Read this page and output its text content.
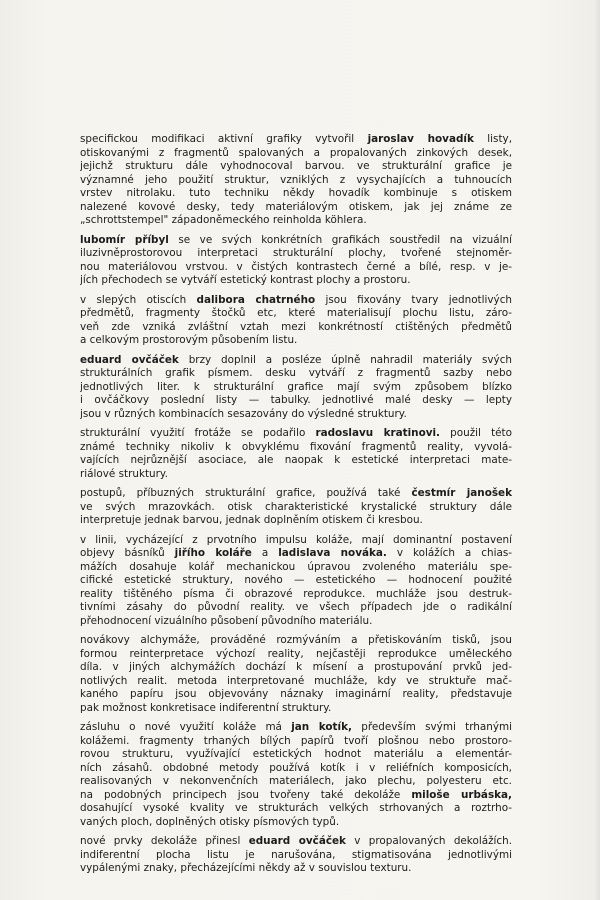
specifickou modifikaci aktivní grafiky vytvořil jaroslav hovadík listy,
otiskovanými z fragmentů spalovaných a propalovaných zinkových desek,
jejichž strukturu dále vyhodnocoval barvou. ve strukturální grafice je
významné jeho použití struktur, vzniklých z vysychajících a tuhnoucích
vrstev nitrolaku. tuto techniku někdy hovadík kombinuje s otiskem
nalezené kovové desky, tedy materiálovým otiskem, jak jej známe ze
„schrottstempel" západoněmeckého reinholda köhlera.
lubomír příbyl se ve svých konkrétních grafikách soustředil na vizuální
iluzivněprostorovou interpretaci strukturální plochy, tvořené stejnoměr-
nou materiálovou vrstvou. v čistých kontrastech černé a bílé, resp. v je-
jích přechodech se vytváří estetický kontrast plochy a prostoru.
v slepých otiscích dalibora chatrného jsou fixovány tvary jednotlivých
předmětů, fragmenty štočků etc, které materialisují plochu listu, záro-
veň zde vzniká zvláštní vztah mezi konkrétností ctištěných předmětů
a celkovým prostorovým působením listu.
eduard ovčáček brzy doplnil a posléze úplně nahradil materiály svých
strukturálních grafik písmem. desku vytváří z fragmentů sazby nebo
jednotlivých liter. k strukturální grafice mají svým způsobem blízko
i ovčáčkovy poslední listy — tabulky. jednotlivé malé desky — lepty
jsou v různých kombinacích sesazovány do výsledné struktury.
strukturální využití frotáže se podařilo radoslavu kratinovi. použil této
známé techniky nikoliv k obvyklému fixování fragmentů reality, vyvolá-
vajících nejrůznější asociace, ale naopak k estetické interpretaci mate-
riálové struktury.
postupů, příbuzných strukturální grafice, používá také čestmír janošek
ve svých mrazovkách. otisk charakteristické krystalické struktury dále
interpretuje jednak barvou, jednak doplněním otiskem či kresbou.
v linii, vycházející z prvotního impulsu koláže, mají dominantní postavení
objevy básníků jiřího koláře a ladislava nováka. v kolážích a chias-
mážích dosahuje kolář mechanickou úpravou zvoleného materiálu spe-
cifické estetické struktury, nového — estetického — hodnocení použité
reality tištěného písma či obrazové reprodukce. muchláže jsou destruk-
tivními zásahy do původní reality. ve všech případech jde o radikální
přehodnocení vizuálního působení původního materiálu.
novákovy alchymáže, prováděné rozmýváním a přetiskováním tisků, jsou
formou reinterpretace výchozí reality, nejčastěji reprodukce uměleckého
díla. v jiných alchymážích dochází k mísení a prostupování prvků jed-
notlivých realit. metoda interpretované muchláže, kdy ve struktuře mač-
kaného papíru jsou objevovány náznaky imaginární reality, představuje
pak možnost konkretisace indiferentní struktury.
zásluhu o nové využití koláže má jan kotík, především svými trhanými
kolážemi. fragmenty trhaných bílých papírů tvoří plošnou nebo prostoro-
rovou strukturu, využívající estetických hodnot materiálu a elementár-
ních zásahů. obdobné metody používá kotík i v reliéfních komposicích,
realisovaných v nekonvenčních materiálech, jako plechu, polyesteru etc.
na podobných principech jsou tvořeny také dekoláže miloše urbáska,
dosahující vysoké kvality ve strukturách velkých strhovaných a roztrho-
vaných ploch, doplněných otisky písmových typů.
nové prvky dekoláže přinesl eduard ovčáček v propalovaných dekolážích.
indiferentní plocha listu je narušována, stigmatisována jednotlivými
vypálenými znaky, přecházejícími někdy až v souvislou texturu.
